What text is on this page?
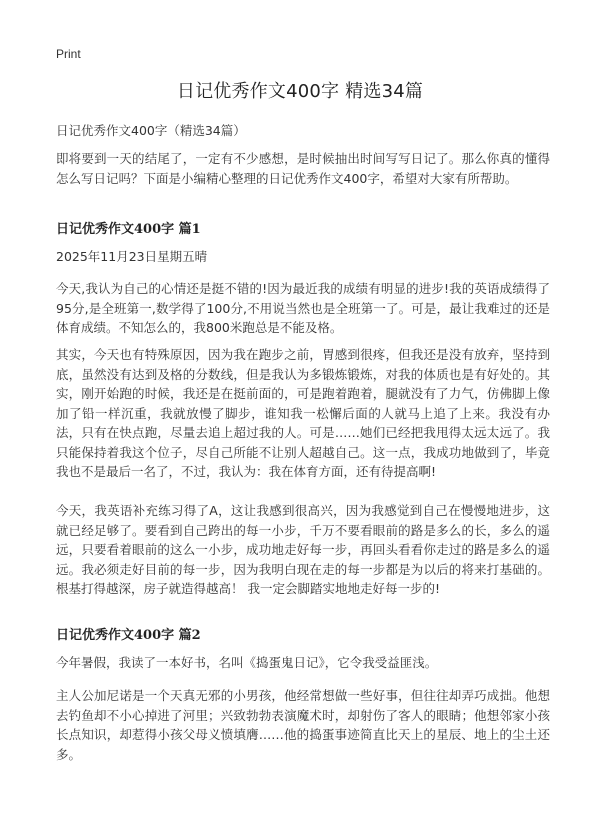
Print
日记优秀作文400字 精选34篇
日记优秀作文400字（精选34篇）

即将要到一天的结尾了，一定有不少感想，是时候抽出时间写写日记了。那么你真的懂得怎么写日记吗？下面是小编精心整理的日记优秀作文400字，希望对大家有所帮助。

日记优秀作文400字 篇1
2025年11月23日星期五晴

今天,我认为自己的心情还是挺不错的!因为最近我的成绩有明显的进步!我的英语成绩得了95分,是全班第一,数学得了100分,不用说当然也是全班第一了。可是，最让我难过的还是体育成绩。不知怎么的，我800米跑总是不能及格。

其实，今天也有特殊原因，因为我在跑步之前，胃感到很疼，但我还是没有放弃，坚持到底，虽然没有达到及格的分数线，但是我认为多锻炼锻炼，对我的体质也是有好处的。其实，刚开始跑的时候，我还是在挺前面的，可是跑着跑着，腿就没有了力气，仿佛脚上像加了铅一样沉重，我就放慢了脚步，谁知我一松懈后面的人就马上追了上来。我没有办法，只有在快点跑，尽量去追上超过我的人。可是……她们已经把我甩得太远太远了。我只能保持着我这个位子，尽自己所能不让别人超越自己。这一点，我成功地做到了，毕竟我也不是最后一名了，不过，我认为：我在体育方面，还有待提高啊!

今天，我英语补充练习得了A，这让我感到很高兴，因为我感觉到自己在慢慢地进步，这就已经足够了。要看到自己跨出的每一小步，千万不要看眼前的路是多么的长，多么的遥远，只要看着眼前的这么一小步，成功地走好每一步，再回头看看你走过的路是多么的遥远。我必须走好目前的每一步，因为我明白现在走的每一步都是为以后的将来打基础的。根基打得越深，房子就造得越高！ 我一定会脚踏实地地走好每一步的!

日记优秀作文400字 篇2

今年暑假，我读了一本好书，名叫《捣蛋鬼日记》，它令我受益匪浅。

主人公加尼诺是一个天真无邪的小男孩，他经常想做一些好事，但往往却弄巧成拙。他想去钓鱼却不小心掉进了河里；兴致勃勃表演魔术时，却射伤了客人的眼睛；他想邻家小孩长点知识，却惹得小孩父母义愤填膺……他的捣蛋事迹简直比天上的星辰、地上的尘土还多。
